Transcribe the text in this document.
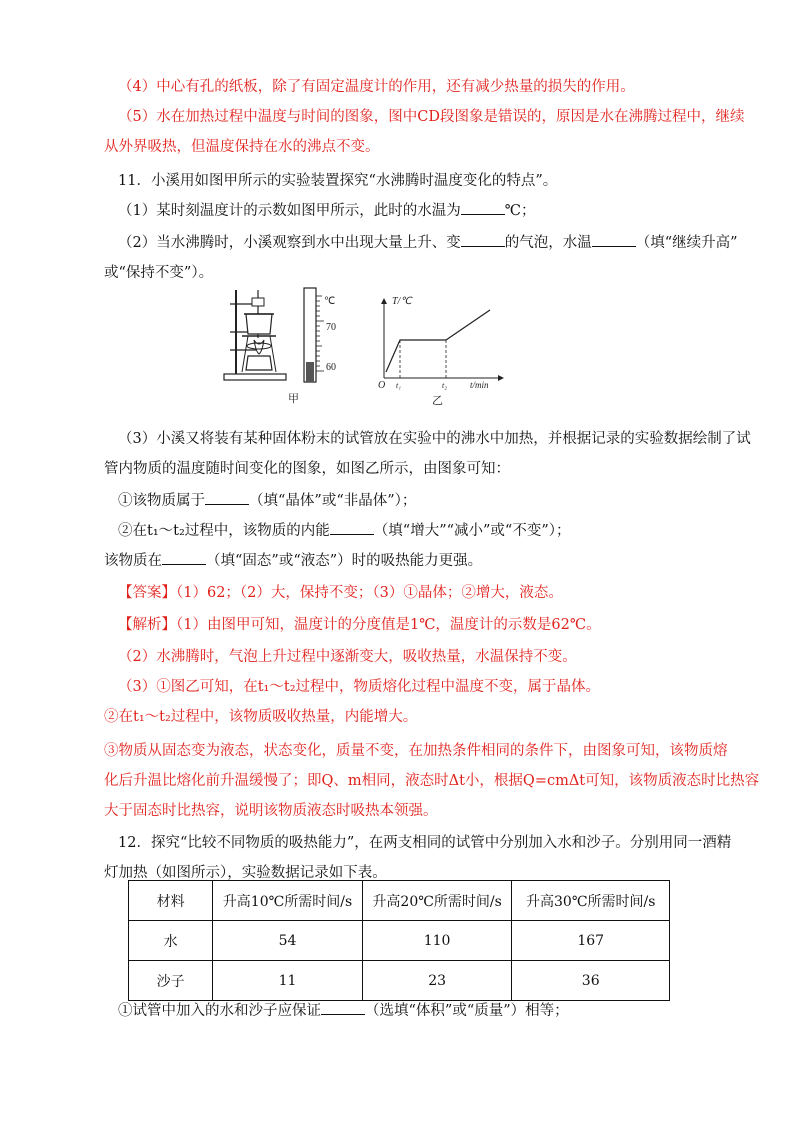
（4）中心有孔的纸板，除了有固定温度计的作用，还有减少热量的损失的作用。
（5）水在加热过程中温度与时间的图象，图中CD段图象是错误的，原因是水在沸腾过程中，继续
从外界吸热，但温度保持在水的沸点不变。
11．小溪用如图甲所示的实验装置探究“水沸腾时温度变化的特点”。
（1）某时刻温度计的示数如图甲所示，此时的水温为	℃；
（2）当水沸腾时，小溪观察到水中出现大量上升、变	的气泡，水温	（填“继续升高”
或“保持不变”）。
℃
70
60
甲
T/℃
O t₁	t₂	t/min
乙
（3）小溪又将装有某种固体粉末的试管放在实验中的沸水中加热，并根据记录的实验数据绘制了试
管内物质的温度随时间变化的图象，如图乙所示，由图象可知：
①该物质属于	（填“晶体”或“非晶体”）；
②在t₁～t₂过程中，该物质的内能	（填“增大”“减小”或“不变”）；
该物质在	（填“固态”或“液态”）时的吸热能力更强。
【答案】（1）62；（2）大，保持不变；（3）①晶体；②增大，液态。
【解析】（1）由图甲可知，温度计的分度值是1℃，温度计的示数是62℃。
（2）水沸腾时，气泡上升过程中逐渐变大，吸收热量，水温保持不变。
（3）①图乙可知，在t₁～t₂过程中，物质熔化过程中温度不变，属于晶体。
②在t₁～t₂过程中，该物质吸收热量，内能增大。
③物质从固态变为液态，状态变化，质量不变，在加热条件相同的条件下，由图象可知，该物质熔
化后升温比熔化前升温缓慢了；即Q、m相同，液态时Δt小，根据Q=cmΔt可知，该物质液态时比热容
大于固态时比热容，说明该物质液态时吸热本领强。
12．探究“比较不同物质的吸热能力”，在两支相同的试管中分别加入水和沙子。分别用同一酒精
灯加热（如图所示），实验数据记录如下表。
材料	升高10℃所需时间/s	升高20℃所需时间/s	升高30℃所需时间/s
水	54	110	167
沙子	11	23	36
①试管中加入的水和沙子应保证	（选填“体积”或“质量”）相等；
